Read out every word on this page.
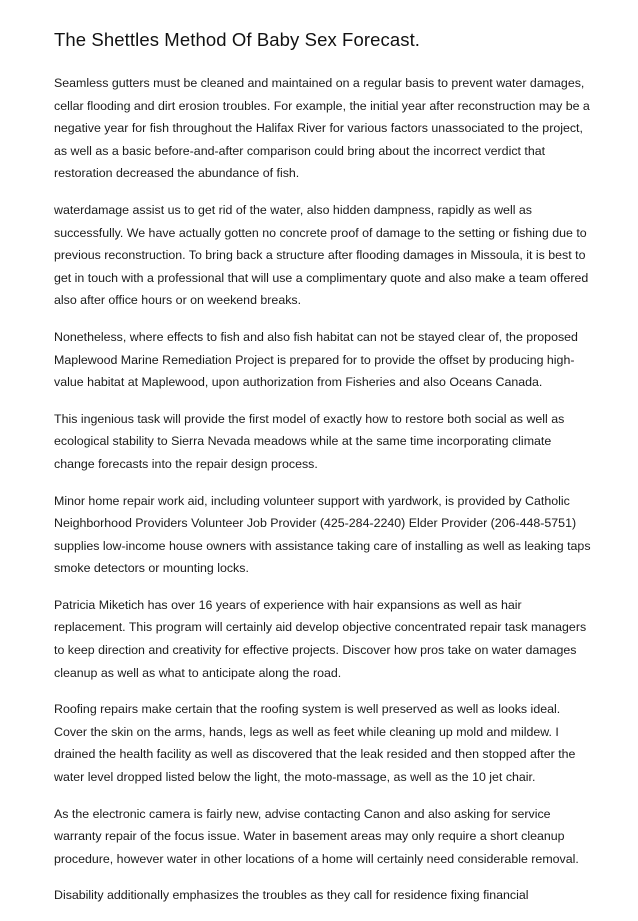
The Shettles Method Of Baby Sex Forecast.

Seamless gutters must be cleaned and maintained on a regular basis to prevent water damages, cellar flooding and dirt erosion troubles. For example, the initial year after reconstruction may be a negative year for fish throughout the Halifax River for various factors unassociated to the project, as well as a basic before-and-after comparison could bring about the incorrect verdict that restoration decreased the abundance of fish.

waterdamage assist us to get rid of the water, also hidden dampness, rapidly as well as successfully. We have actually gotten no concrete proof of damage to the setting or fishing due to previous reconstruction. To bring back a structure after flooding damages in Missoula, it is best to get in touch with a professional that will use a complimentary quote and also make a team offered also after office hours or on weekend breaks.

Nonetheless, where effects to fish and also fish habitat can not be stayed clear of, the proposed Maplewood Marine Remediation Project is prepared for to provide the offset by producing high-value habitat at Maplewood, upon authorization from Fisheries and also Oceans Canada.

This ingenious task will provide the first model of exactly how to restore both social as well as ecological stability to Sierra Nevada meadows while at the same time incorporating climate change forecasts into the repair design process.

Minor home repair work aid, including volunteer support with yardwork, is provided by Catholic Neighborhood Providers Volunteer Job Provider (425-284-2240) Elder Provider (206-448-5751) supplies low-income house owners with assistance taking care of installing as well as leaking taps smoke detectors or mounting locks.

Patricia Miketich has over 16 years of experience with hair expansions as well as hair replacement. This program will certainly aid develop objective concentrated repair task managers to keep direction and creativity for effective projects. Discover how pros take on water damages cleanup as well as what to anticipate along the road.

Roofing repairs make certain that the roofing system is well preserved as well as looks ideal. Cover the skin on the arms, hands, legs as well as feet while cleaning up mold and mildew. I drained the health facility as well as discovered that the leak resided and then stopped after the water level dropped listed below the light, the moto-massage, as well as the 10 jet chair.

As the electronic camera is fairly new, advise contacting Canon and also asking for service warranty repair of the focus issue. Water in basement areas may only require a short cleanup procedure, however water in other locations of a home will certainly need considerable removal.

Disability additionally emphasizes the troubles as they call for residence fixing financial
